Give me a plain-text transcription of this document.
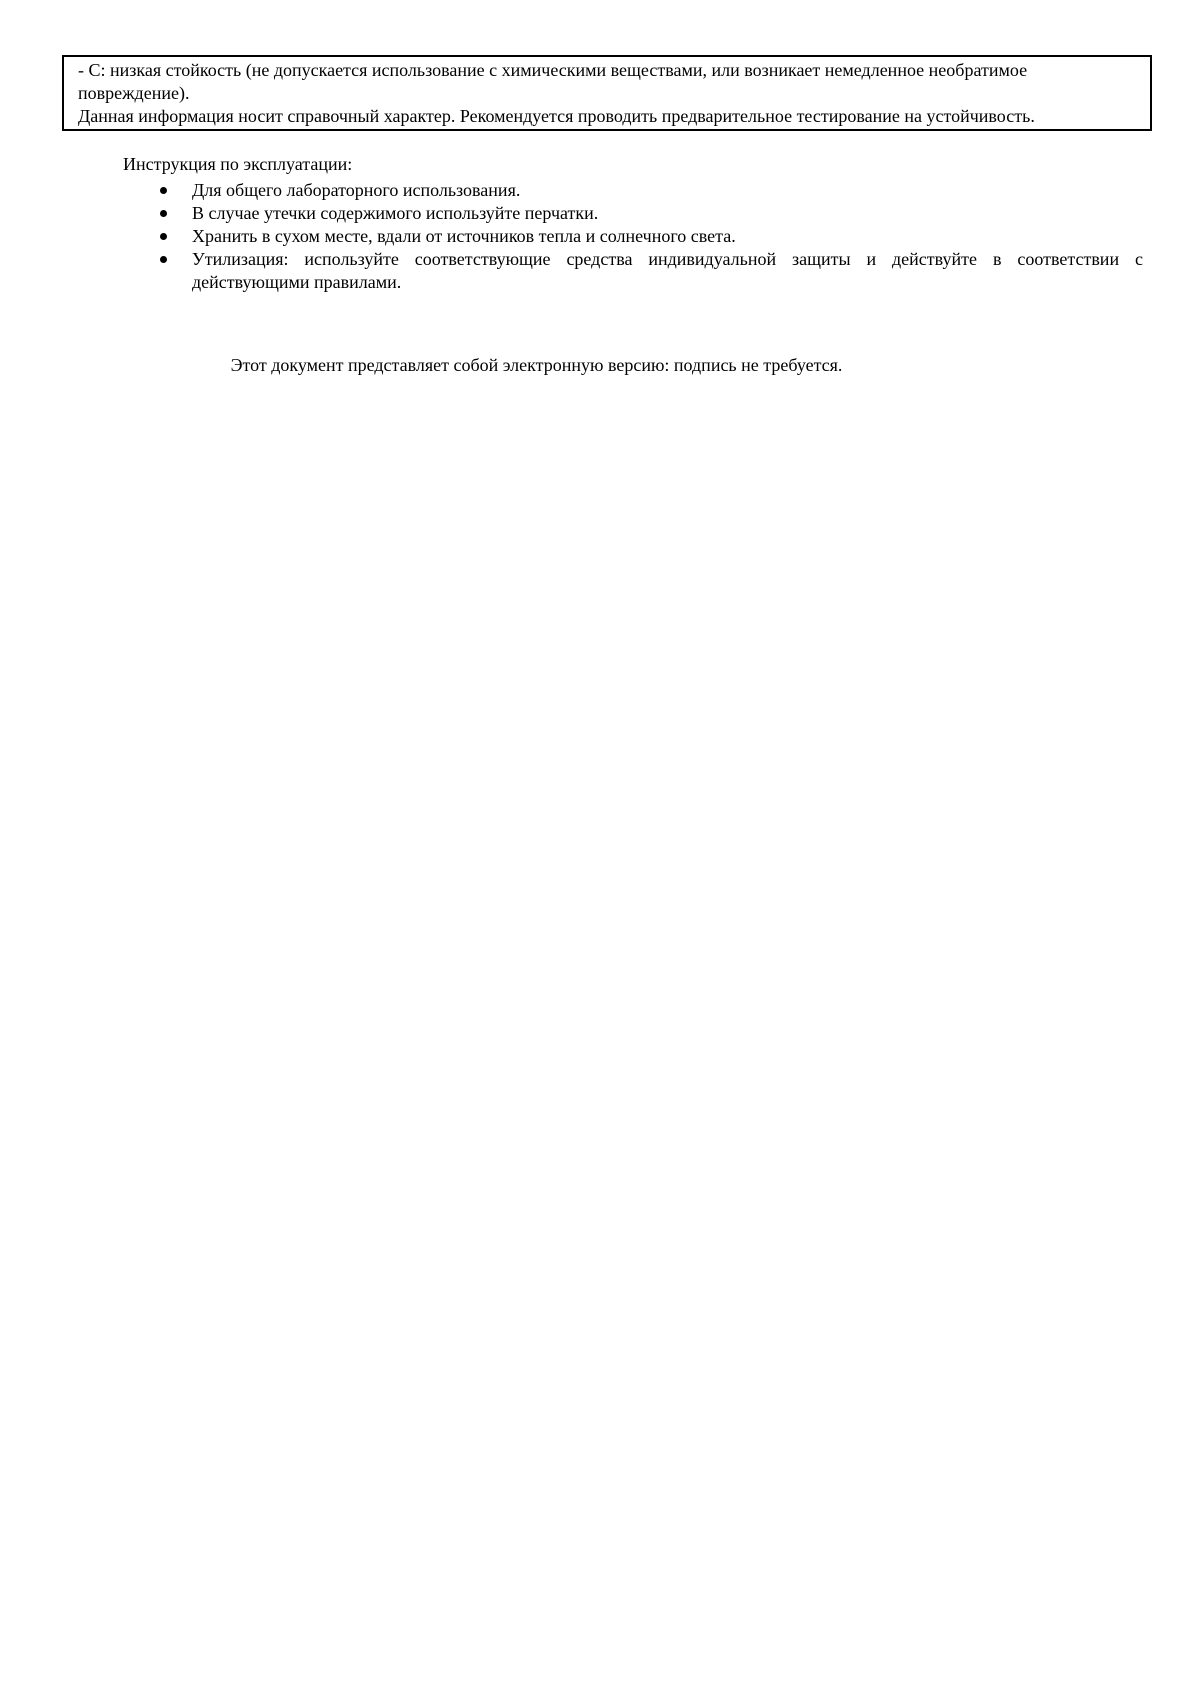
- С: низкая стойкость (не допускается использование с химическими веществами, или возникает немедленное необратимое повреждение).

Данная информация носит справочный характер. Рекомендуется проводить предварительное тестирование на устойчивость.

Инструкция по эксплуатации:

Для общего лабораторного использования.
В случае утечки содержимого используйте перчатки.
Хранить в сухом месте, вдали от источников тепла и солнечного света.
Утилизация: используйте соответствующие средства индивидуальной защиты и действуйте в соответствии с
действующими правилами.

Этот документ представляет собой электронную версию: подпись не требуется.
